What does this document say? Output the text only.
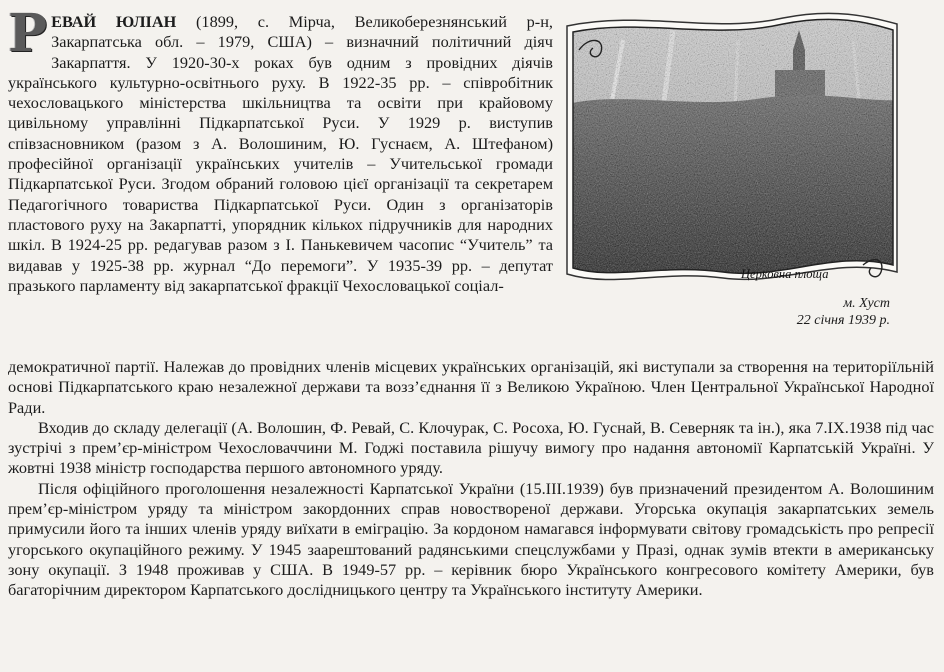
Р ЕВАЙ ЮЛІАН (1899, с. Мірча, Великоберезнянський р-н, Закарпатська обл. – 1979, США) – визначний політичний діяч Закарпаття. У 1920-30-х роках був одним з провідних діячів українського культурно-освітнього руху. В 1922-35 рр. – співробітник чехословацького міністерства шкільництва та освіти при крайовому цивільному управлінні Підкарпатської Руси. У 1929 р. виступив співзасновником (разом з А. Волошиним, Ю. Гуснаєм, А. Штефаном) професійної організації українських учителів – Учительської громади Підкарпатської Руси. Згодом обраний головою цієї організації та секретарем Педагогічного товариства Підкарпатської Руси. Один з організаторів пластового руху на Закарпатті, упорядник кількох підручників для народних шкіл. В 1924-25 рр. редагував разом з І. Панькевичем часопис “Учитель” та видавав у 1925-38 рр. журнал “До перемоги”. У 1935-39 рр. – депутат празького парламенту від закарпатської фракції Чехословацької соціал-

Церковна площа
м. Хуст
22 січня 1939 р.

демократичної партії. Належав до провідних членів місцевих українських організацій, які виступали за створення на територіїльній основі Підкарпатського краю незалежної держави та возз’єднання її з Великою Україною. Член Центральної Української Народної Ради.

Входив до складу делегації (А. Волошин, Ф. Ревай, С. Клочурак, С. Росоха, Ю. Гуснай, В. Северняк та ін.), яка 7.ІХ.1938 під час зустрічі з прем’єр-міністром Чехословаччини М. Годжі поставила рішучу вимогу про надання автономії Карпатській Україні. У жовтні 1938 міністр господарства першого автономного уряду.

Після офіційного проголошення незалежності Карпатської України (15.ІІІ.1939) був призначений президентом А. Волошиним прем’єр-міністром уряду та міністром закордонних справ новоствореної держави. Угорська окупація закарпатських земель примусили його та інших членів уряду виїхати в еміграцію. За кордоном намагався інформувати світову громадськість про репресії угорського окупаційного режиму. У 1945 заарештований радянськими спецслужбами у Празі, однак зумів втекти в американську зону окупації. З 1948 проживав у США. В 1949-57 рр. – керівник бюро Українського конгресового комітету Америки, був багаторічним директором Карпатського дослідницького центру та Українського інституту Америки.
